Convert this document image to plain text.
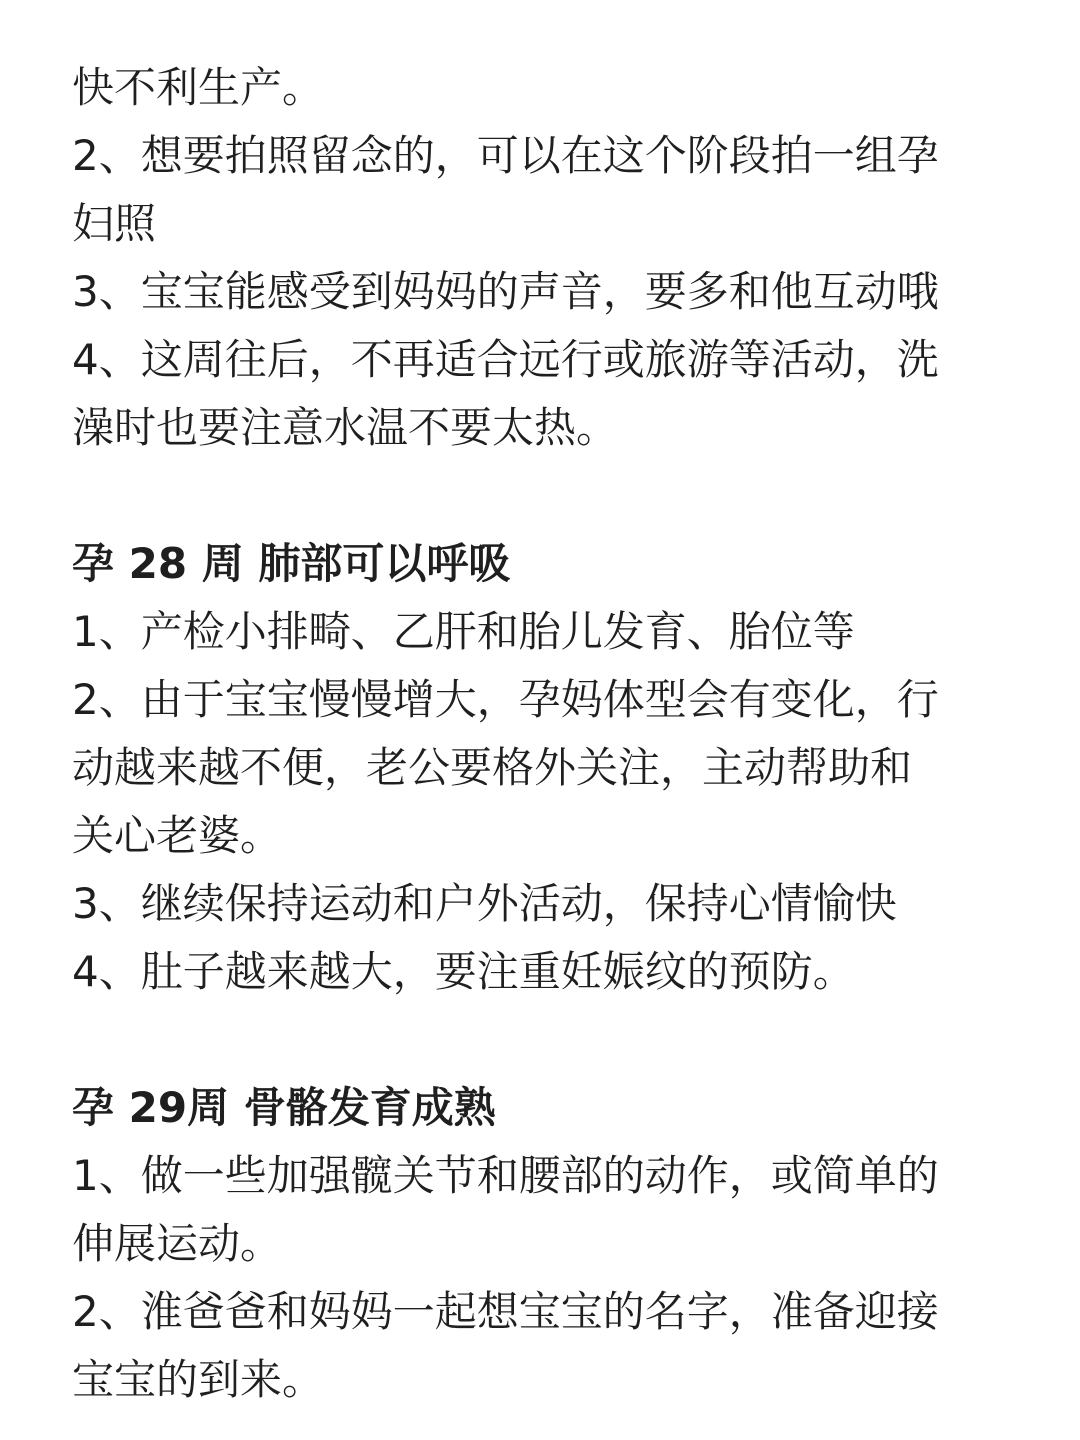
快不利生产。
2、想要拍照留念的，可以在这个阶段拍一组孕
妇照
3、宝宝能感受到妈妈的声音，要多和他互动哦
4、这周往后，不再适合远行或旅游等活动，洗
澡时也要注意水温不要太热。
孕 28 周 肺部可以呼吸
1、产检小排畸、乙肝和胎儿发育、胎位等
2、由于宝宝慢慢增大，孕妈体型会有变化，行
动越来越不便，老公要格外关注，主动帮助和
关心老婆。
3、继续保持运动和户外活动，保持心情愉快
4、肚子越来越大，要注重妊娠纹的预防。
孕 29周 骨骼发育成熟
1、做一些加强髋关节和腰部的动作，或简单的
伸展运动。
2、淮爸爸和妈妈一起想宝宝的名字，准备迎接
宝宝的到来。
